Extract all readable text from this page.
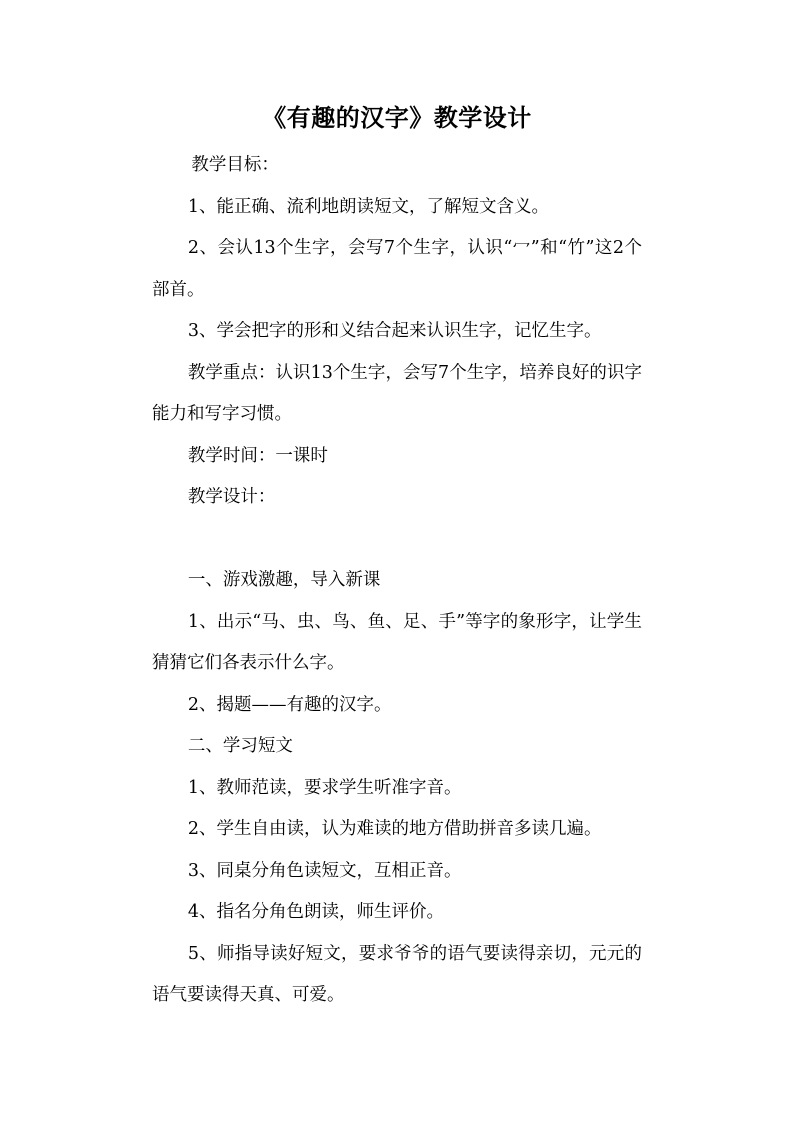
《有趣的汉字》教学设计

教学目标：

1、能正确、流利地朗读短文，了解短文含义。

2、会认13个生字，会写7个生字，认识“冖”和“竹”这2个部首。

3、学会把字的形和义结合起来认识生字，记忆生字。

教学重点：认识13个生字，会写7个生字，培养良好的识字能力和写字习惯。

教学时间：一课时

教学设计：

一、游戏激趣，导入新课

1、出示“马、虫、鸟、鱼、足、手”等字的象形字，让学生猜猜它们各表示什么字。

2、揭题——有趣的汉字。

二、学习短文

1、教师范读，要求学生听准字音。

2、学生自由读，认为难读的地方借助拼音多读几遍。

3、同桌分角色读短文，互相正音。

4、指名分角色朗读，师生评价。

5、师指导读好短文，要求爷爷的语气要读得亲切，元元的语气要读得天真、可爱。
